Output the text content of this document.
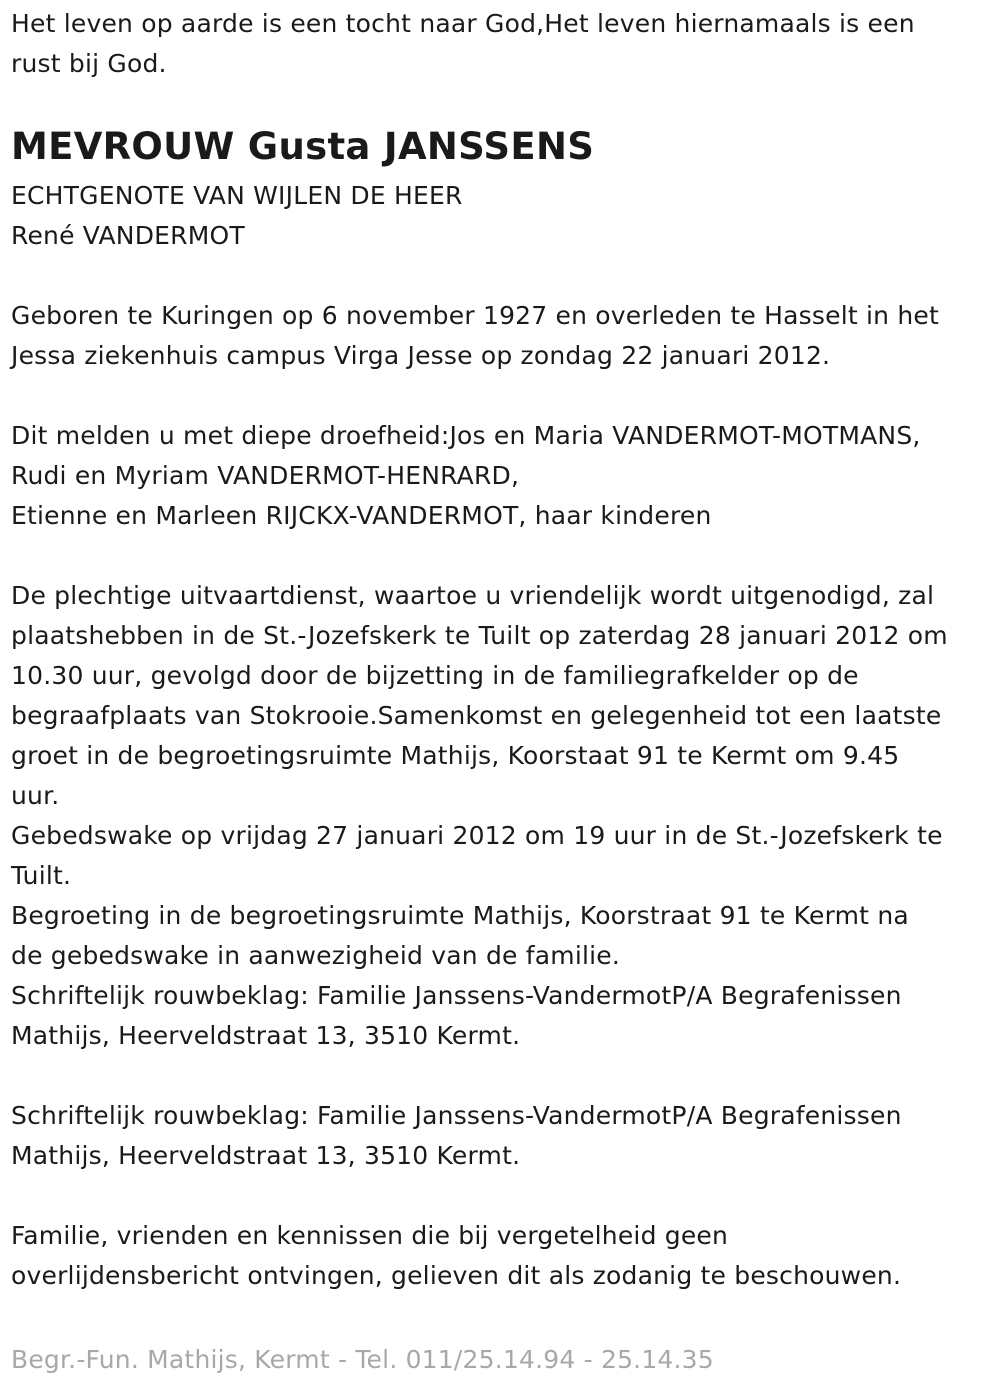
Het leven op aarde is een tocht naar God,Het leven hiernamaals is een
rust bij God.
MEVROUW Gusta JANSSENS
ECHTGENOTE VAN WIJLEN DE HEER
René VANDERMOT
Geboren te Kuringen op 6 november 1927 en overleden te Hasselt in het
Jessa ziekenhuis campus Virga Jesse op zondag 22 januari 2012.
Dit melden u met diepe droefheid:Jos en Maria VANDERMOT-MOTMANS,
Rudi en Myriam VANDERMOT-HENRARD,
Etienne en Marleen RIJCKX-VANDERMOT, haar kinderen
De plechtige uitvaartdienst, waartoe u vriendelijk wordt uitgenodigd, zal
plaatshebben in de St.-Jozefskerk te Tuilt op zaterdag 28 januari 2012 om
10.30 uur, gevolgd door de bijzetting in de familiegrafkelder op de
begraafplaats van Stokrooie.Samenkomst en gelegenheid tot een laatste
groet in de begroetingsruimte Mathijs, Koorstaat 91 te Kermt om 9.45
uur.
Gebedswake op vrijdag 27 januari 2012 om 19 uur in de St.-Jozefskerk te
Tuilt.
Begroeting in de begroetingsruimte Mathijs, Koorstraat 91 te Kermt na
de gebedswake in aanwezigheid van de familie.
Schriftelijk rouwbeklag: Familie Janssens-VandermotP/A Begrafenissen
Mathijs, Heerveldstraat 13, 3510 Kermt.
Schriftelijk rouwbeklag: Familie Janssens-VandermotP/A Begrafenissen
Mathijs, Heerveldstraat 13, 3510 Kermt.
Familie, vrienden en kennissen die bij vergetelheid geen
overlijdensbericht ontvingen, gelieven dit als zodanig te beschouwen.
Begr.-Fun. Mathijs, Kermt - Tel. 011/25.14.94 - 25.14.35
